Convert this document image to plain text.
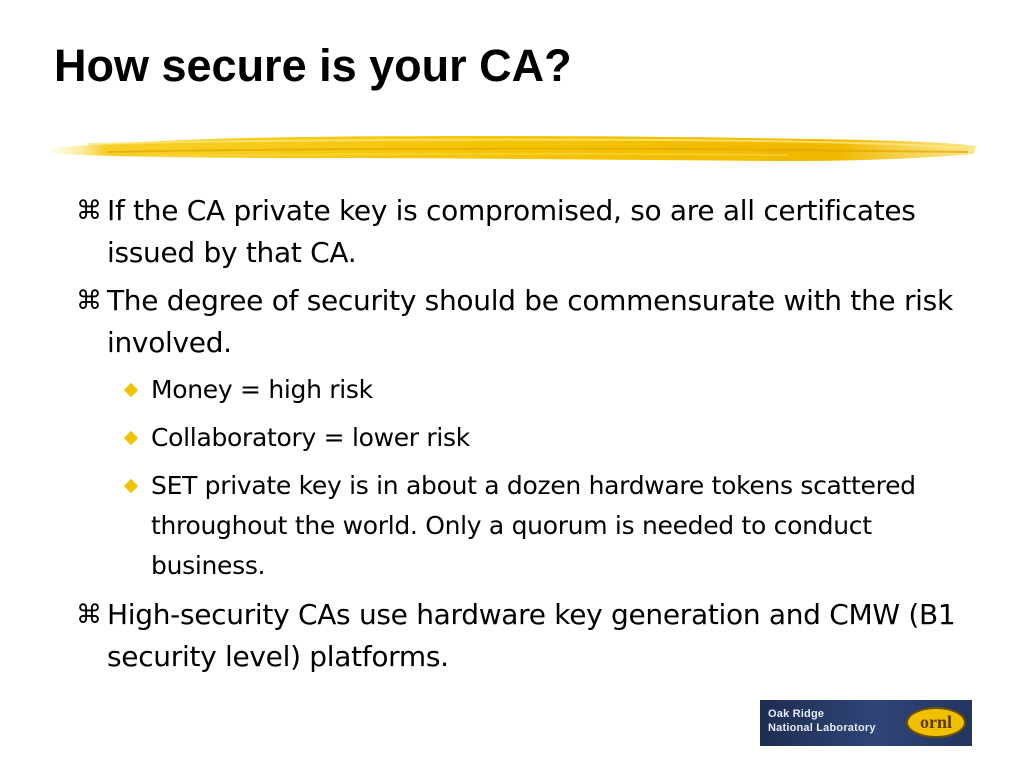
How secure is your CA?
⌘ If the CA private key is compromised, so are all certificates issued by that CA.
⌘ The degree of security should be commensurate with the risk involved.
Money = high risk
Collaboratory = lower risk
SET private key is in about a dozen hardware tokens scattered throughout the world. Only a quorum is needed to conduct business.
⌘ High-security CAs use hardware key generation and CMW (B1 security level) platforms.
Oak Ridge
National Laboratory	ornl
